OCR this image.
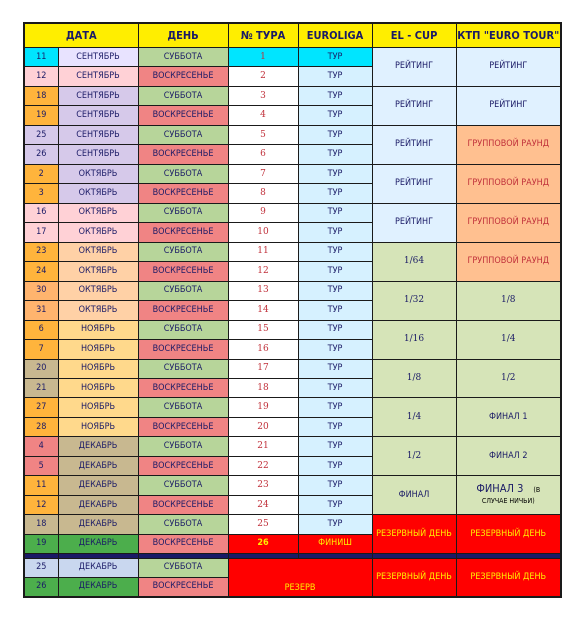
ДАТА		ДЕНЬ	№ ТУРА	EUROLIGA	EL - CUP	КТП "EURO TOUR"
11	СЕНТЯБРЬ	СУББОТА	1	ТУР	РЕЙТИНГ	РЕЙТИНГ
12	СЕНТЯБРЬ	ВОСКРЕСЕНЬЕ	2	ТУР		
18	СЕНТЯБРЬ	СУББОТА	3	ТУР	РЕЙТИНГ	РЕЙТИНГ
19	СЕНТЯБРЬ	ВОСКРЕСЕНЬЕ	4	ТУР		
25	СЕНТЯБРЬ	СУББОТА	5	ТУР	РЕЙТИНГ	ГРУППОВОЙ РАУНД
26	СЕНТЯБРЬ	ВОСКРЕСЕНЬЕ	6	ТУР		
2	ОКТЯБРЬ	СУББОТА	7	ТУР	РЕЙТИНГ	ГРУППОВОЙ РАУНД
3	ОКТЯБРЬ	ВОСКРЕСЕНЬЕ	8	ТУР		
16	ОКТЯБРЬ	СУББОТА	9	ТУР	РЕЙТИНГ	ГРУППОВОЙ РАУНД
17	ОКТЯБРЬ	ВОСКРЕСЕНЬЕ	10	ТУР		
23	ОКТЯБРЬ	СУББОТА	11	ТУР	1/64	ГРУППОВОЙ РАУНД
24	ОКТЯБРЬ	ВОСКРЕСЕНЬЕ	12	ТУР		
30	ОКТЯБРЬ	СУББОТА	13	ТУР	1/32	1/8
31	ОКТЯБРЬ	ВОСКРЕСЕНЬЕ	14	ТУР		
6	НОЯБРЬ	СУББОТА	15	ТУР	1/16	1/4
7	НОЯБРЬ	ВОСКРЕСЕНЬЕ	16	ТУР		
20	НОЯБРЬ	СУББОТА	17	ТУР	1/8	1/2
21	НОЯБРЬ	ВОСКРЕСЕНЬЕ	18	ТУР		
27	НОЯБРЬ	СУББОТА	19	ТУР	1/4	ФИНАЛ 1
28	НОЯБРЬ	ВОСКРЕСЕНЬЕ	20	ТУР		
4	ДЕКАБРЬ	СУББОТА	21	ТУР	1/2	ФИНАЛ 2
5	ДЕКАБРЬ	ВОСКРЕСЕНЬЕ	22	ТУР		
11	ДЕКАБРЬ	СУББОТА	23	ТУР	ФИНАЛ	ФИНАЛ 3 (В
СЛУЧАЕ НИЧЬИ)
12	ДЕКАБРЬ	ВОСКРЕСЕНЬЕ	24	ТУР		
18	ДЕКАБРЬ	СУББОТА	25	ТУР	РЕЗЕРВНЫЙ ДЕНЬ	РЕЗЕРВНЫЙ ДЕНЬ
19	ДЕКАБРЬ	ВОСКРЕСЕНЬЕ	26	ФИНИШ		

25	ДЕКАБРЬ	СУББОТА	РЕЗЕРВ		РЕЗЕРВНЫЙ ДЕНЬ	РЕЗЕРВНЫЙ ДЕНЬ
26	ДЕКАБРЬ	ВОСКРЕСЕНЬЕ				
